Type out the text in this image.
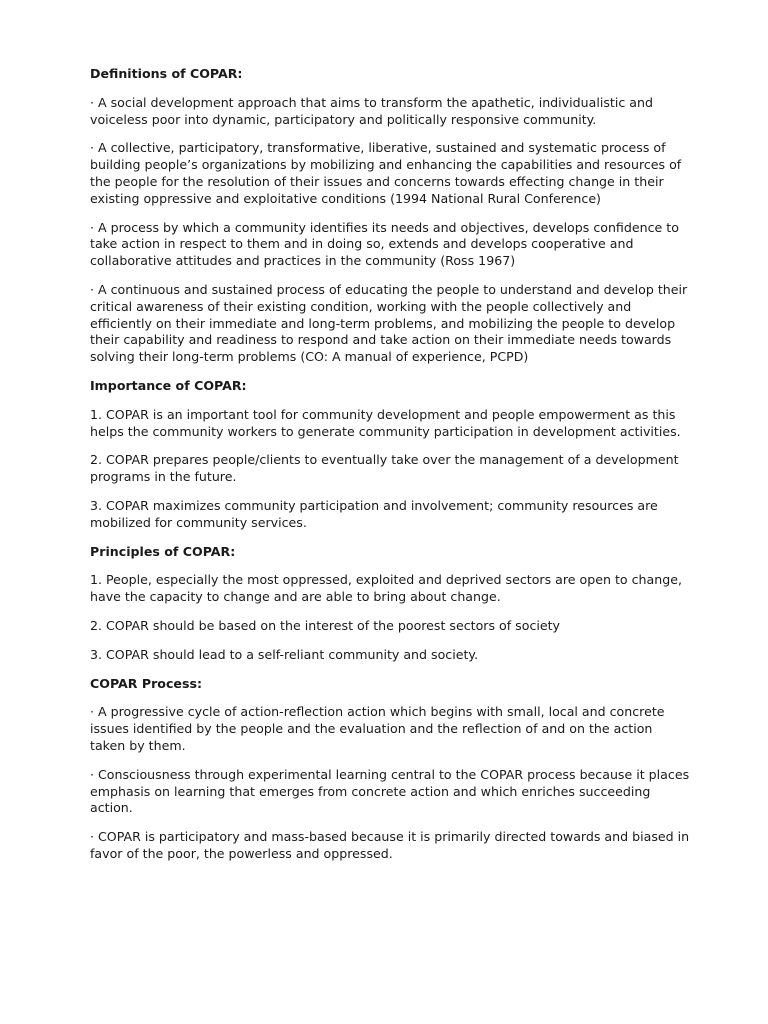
Definitions of COPAR:

· A social development approach that aims to transform the apathetic, individualistic and voiceless poor into dynamic, participatory and politically responsive community.

· A collective, participatory, transformative, liberative, sustained and systematic process of building people’s organizations by mobilizing and enhancing the capabilities and resources of the people for the resolution of their issues and concerns towards effecting change in their existing oppressive and exploitative conditions (1994 National Rural Conference)

· A process by which a community identifies its needs and objectives, develops confidence to take action in respect to them and in doing so, extends and develops cooperative and collaborative attitudes and practices in the community (Ross 1967)

· A continuous and sustained process of educating the people to understand and develop their critical awareness of their existing condition, working with the people collectively and efficiently on their immediate and long-term problems, and mobilizing the people to develop their capability and readiness to respond and take action on their immediate needs towards solving their long-term problems (CO: A manual of experience, PCPD)

Importance of COPAR:

1. COPAR is an important tool for community development and people empowerment as this helps the community workers to generate community participation in development activities.

2. COPAR prepares people/clients to eventually take over the management of a development programs in the future.

3. COPAR maximizes community participation and involvement; community resources are mobilized for community services.

Principles of COPAR:

1. People, especially the most oppressed, exploited and deprived sectors are open to change, have the capacity to change and are able to bring about change.

2. COPAR should be based on the interest of the poorest sectors of society

3. COPAR should lead to a self-reliant community and society.

COPAR Process:

· A progressive cycle of action-reflection action which begins with small, local and concrete issues identified by the people and the evaluation and the reflection of and on the action taken by them.

· Consciousness through experimental learning central to the COPAR process because it places emphasis on learning that emerges from concrete action and which enriches succeeding action.

· COPAR is participatory and mass-based because it is primarily directed towards and biased in favor of the poor, the powerless and oppressed.
